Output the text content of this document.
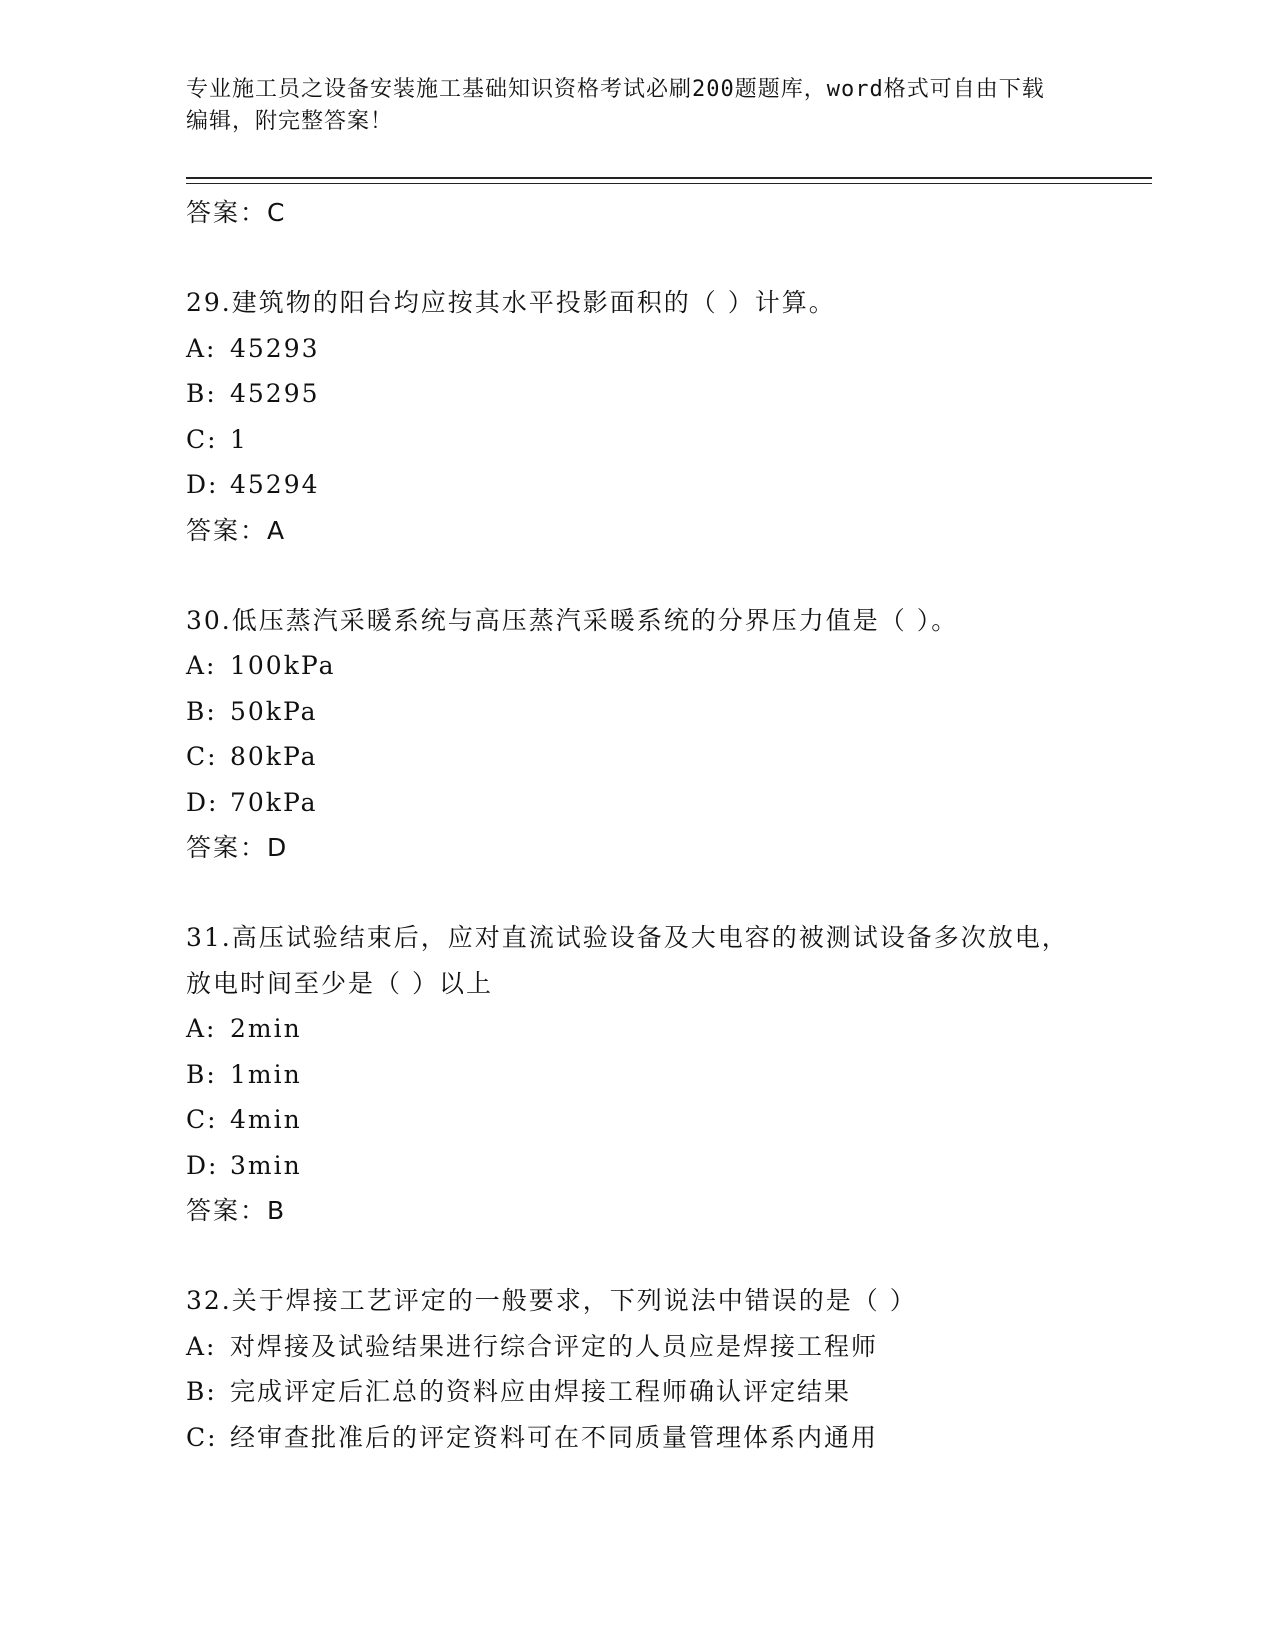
专业施工员之设备安装施工基础知识资格考试必刷200题题库，word格式可自由下载编辑，附完整答案！
答案：C
29.建筑物的阳台均应按其水平投影面积的（ ）计算。
A: 45293
B: 45295
C: 1
D: 45294
答案：A
30.低压蒸汽采暖系统与高压蒸汽采暖系统的分界压力值是（ ）。
A: 100kPa
B: 50kPa
C: 80kPa
D: 70kPa
答案：D
31.高压试验结束后，应对直流试验设备及大电容的被测试设备多次放电，放电时间至少是（ ）以上
A: 2min
B: 1min
C: 4min
D: 3min
答案：B
32.关于焊接工艺评定的一般要求，下列说法中错误的是（ ）
A: 对焊接及试验结果进行综合评定的人员应是焊接工程师
B: 完成评定后汇总的资料应由焊接工程师确认评定结果
C: 经审查批准后的评定资料可在不同质量管理体系内通用
